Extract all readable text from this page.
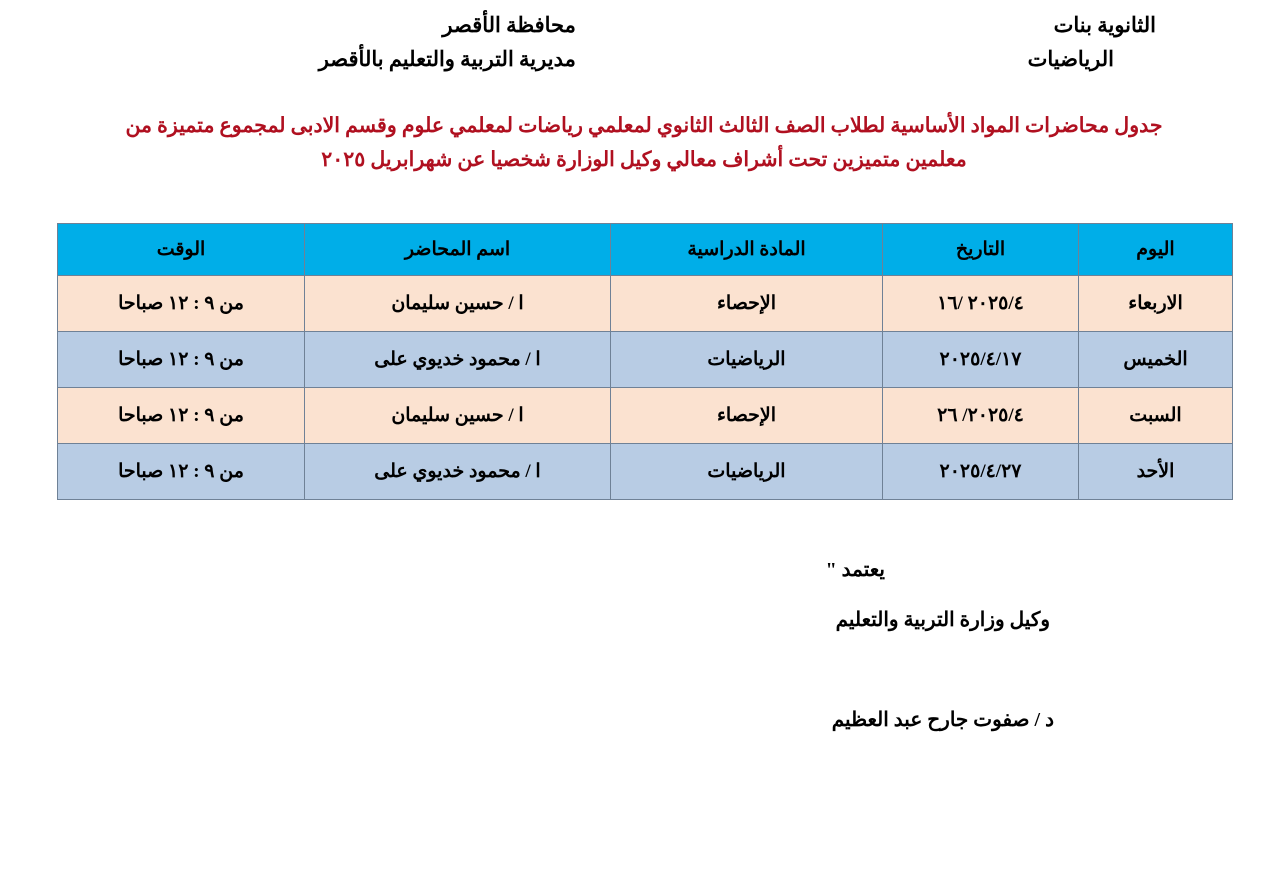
الثانوية بنات
الرياضيات
محافظة الأقصر
مديرية التربية والتعليم بالأقصر
جدول محاضرات المواد الأساسية لطلاب الصف الثالث الثانوي لمعلمي رياضات لمعلمي علوم وقسم الادبى لمجموع متميزة من
معلمين متميزين تحت أشراف معالي وكيل الوزارة شخصيا عن شهرابريل ٢٠٢٥
اليوم	التاريخ	المادة الدراسية	اسم المحاضر	الوقت
الاربعاء	٢٠٢٥/٤ /١٦	الإحصاء	ا / حسين سليمان	من ٩ : ١٢ صباحا
الخميس	٢٠٢٥/٤/١٧	الرياضيات	ا / محمود خديوي على	من ٩ : ١٢ صباحا
السبت	٢٠٢٥/٤/ ٢٦	الإحصاء	ا / حسين سليمان	من ٩ : ١٢ صباحا
الأحد	٢٠٢٥/٤/٢٧	الرياضيات	ا / محمود خديوي على	من ٩ : ١٢ صباحا
يعتمد "
وكيل وزارة التربية والتعليم
د / صفوت جارح عبد العظيم
